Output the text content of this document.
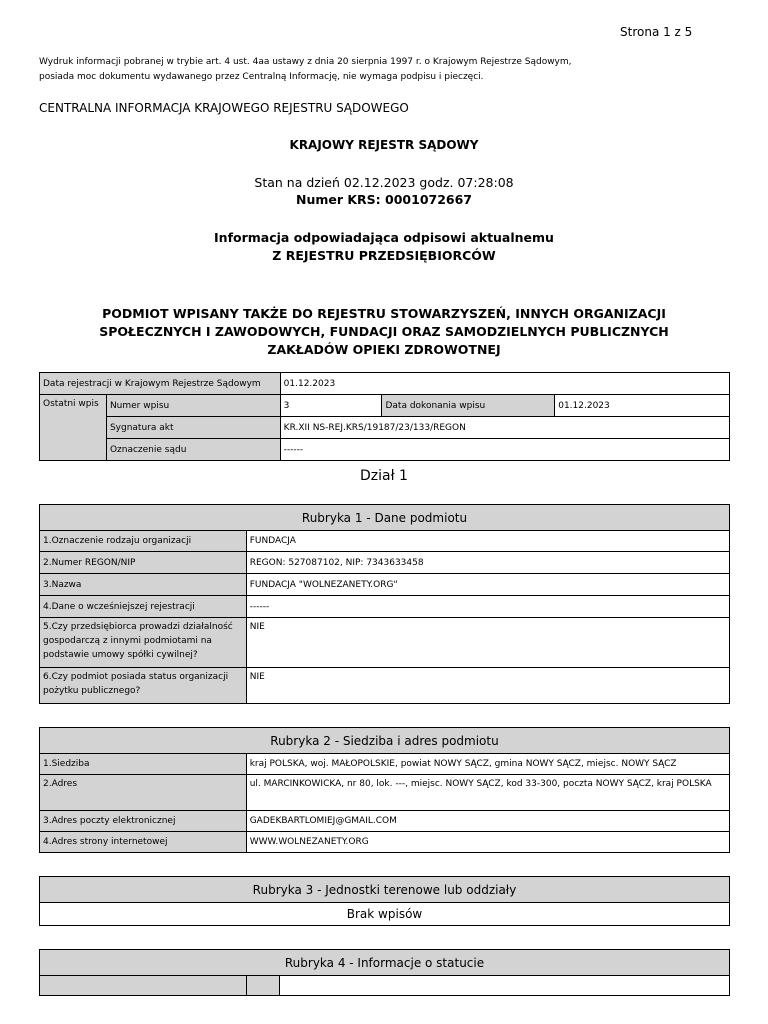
Strona 1 z 5
Wydruk informacji pobranej w trybie art. 4 ust. 4aa ustawy z dnia 20 sierpnia 1997 r. o Krajowym Rejestrze Sądowym,
posiada moc dokumentu wydawanego przez Centralną Informację, nie wymaga podpisu i pieczęci.
CENTRALNA INFORMACJA KRAJOWEGO REJESTRU SĄDOWEGO
KRAJOWY REJESTR SĄDOWY
Stan na dzień 02.12.2023 godz. 07:28:08
Numer KRS: 0001072667
Informacja odpowiadająca odpisowi aktualnemu
Z REJESTRU PRZEDSIĘBIORCÓW
PODMIOT WPISANY TAKŻE DO REJESTRU STOWARZYSZEŃ, INNYCH ORGANIZACJI
SPOŁECZNYCH I ZAWODOWYCH, FUNDACJI ORAZ SAMODZIELNYCH PUBLICZNYCH
ZAKŁADÓW OPIEKI ZDROWOTNEJ
Data rejestracji w Krajowym Rejestrze Sądowym		01.12.2023		
Ostatni wpis	Numer wpisu	3	Data dokonania wpisu	01.12.2023
	Sygnatura akt	KR.XII NS-REJ.KRS/19187/23/133/REGON		
	Oznaczenie sądu	------		
Dział 1
Rubryka 1 - Dane podmiotu	
1.Oznaczenie rodzaju organizacji	FUNDACJA
2.Numer REGON/NIP	REGON: 527087102, NIP: 7343633458
3.Nazwa	FUNDACJA "WOLNEZANETY.ORG"
4.Dane o wcześniejszej rejestracji	------
5.Czy przedsiębiorca prowadzi działalność gospodarczą z innymi podmiotami na podstawie umowy spółki cywilnej?	NIE
6.Czy podmiot posiada status organizacji pożytku publicznego?	NIE
Rubryka 2 - Siedziba i adres podmiotu	
1.Siedziba	kraj POLSKA, woj. MAŁOPOLSKIE, powiat NOWY SĄCZ, gmina NOWY SĄCZ, miejsc. NOWY SĄCZ
2.Adres	ul. MARCINKOWICKA, nr 80, lok. ---, miejsc. NOWY SĄCZ, kod 33-300, poczta NOWY SĄCZ, kraj POLSKA
3.Adres poczty elektronicznej	GADEKBARTLOMIEJ@GMAIL.COM
4.Adres strony internetowej	WWW.WOLNEZANETY.ORG
Rubryka 3 - Jednostki terenowe lub oddziały
Brak wpisów
Rubryka 4 - Informacje o statucie
